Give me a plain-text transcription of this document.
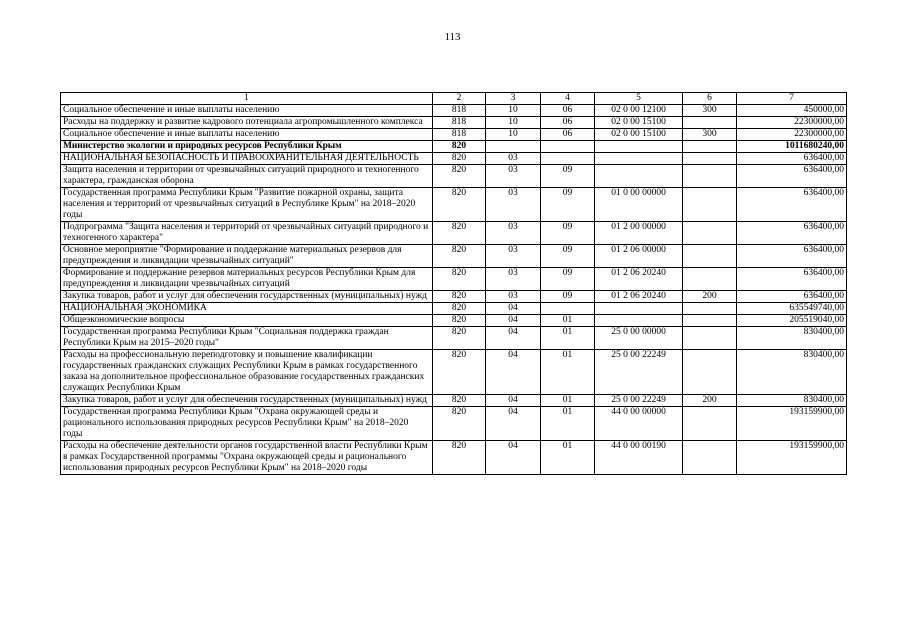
113
1	2	3	4	5	6	7
Социальное обеспечение и иные выплаты населению	818	10	06	02 0 00 12100	300	450000,00
Расходы на поддержку и развитие кадрового потенциала агропромышленного комплекса	818	10	06	02 0 00 15100		22300000,00
Социальное обеспечение и иные выплаты населению	818	10	06	02 0 00 15100	300	22300000,00
Министерство экологии и природных ресурсов Республики Крым	820					1011680240,00
НАЦИОНАЛЬНАЯ БЕЗОПАСНОСТЬ И ПРАВООХРАНИТЕЛЬНАЯ ДЕЯТЕЛЬНОСТЬ	820	03				636400,00
Защита населения и территории от чрезвычайных ситуаций природного и техногенного характера, гражданская оборона	820	03	09			636400,00
Государственная программа Республики Крым "Развитие пожарной охраны, защита населения и территорий от чрезвычайных ситуаций в Республике Крым" на 2018–2020 годы	820	03	09	01 0 00 00000		636400,00
Подпрограмма "Защита населения и территорий от чрезвычайных ситуаций природного и техногенного характера"	820	03	09	01 2 00 00000		636400,00
Основное мероприятие "Формирование и поддержание материальных резервов для предупреждения и ликвидации чрезвычайных ситуаций"	820	03	09	01 2 06 00000		636400,00
Формирование и поддержание резервов материальных ресурсов Республики Крым для предупреждения и ликвидации чрезвычайных ситуаций	820	03	09	01 2 06 20240		636400,00
Закупка товаров, работ и услуг для обеспечения государственных (муниципальных) нужд	820	03	09	01 2 06 20240	200	636400,00
НАЦИОНАЛЬНАЯ ЭКОНОМИКА	820	04				635549740,00
Общеэкономические вопросы	820	04	01			205519040,00
Государственная программа Республики Крым "Социальная поддержка граждан Республики Крым на 2015–2020 годы"	820	04	01	25 0 00 00000		830400,00
Расходы на профессиональную переподготовку и повышение квалификации государственных гражданских служащих Республики Крым в рамках государственного заказа на дополнительное профессиональное образование государственных гражданских служащих Республики Крым	820	04	01	25 0 00 22249		830400,00
Закупка товаров, работ и услуг для обеспечения государственных (муниципальных) нужд	820	04	01	25 0 00 22249	200	830400,00
Государственная программа Республики Крым "Охрана окружающей среды и рационального использования природных ресурсов Республики Крым" на 2018–2020 годы	820	04	01	44 0 00 00000		193159900,00
Расходы на обеспечение деятельности органов государственной власти Республики Крым в рамках Государственной программы "Охрана окружающей среды и рационального использования природных ресурсов Республики Крым" на 2018–2020 годы	820	04	01	44 0 00 00190		193159900,00
